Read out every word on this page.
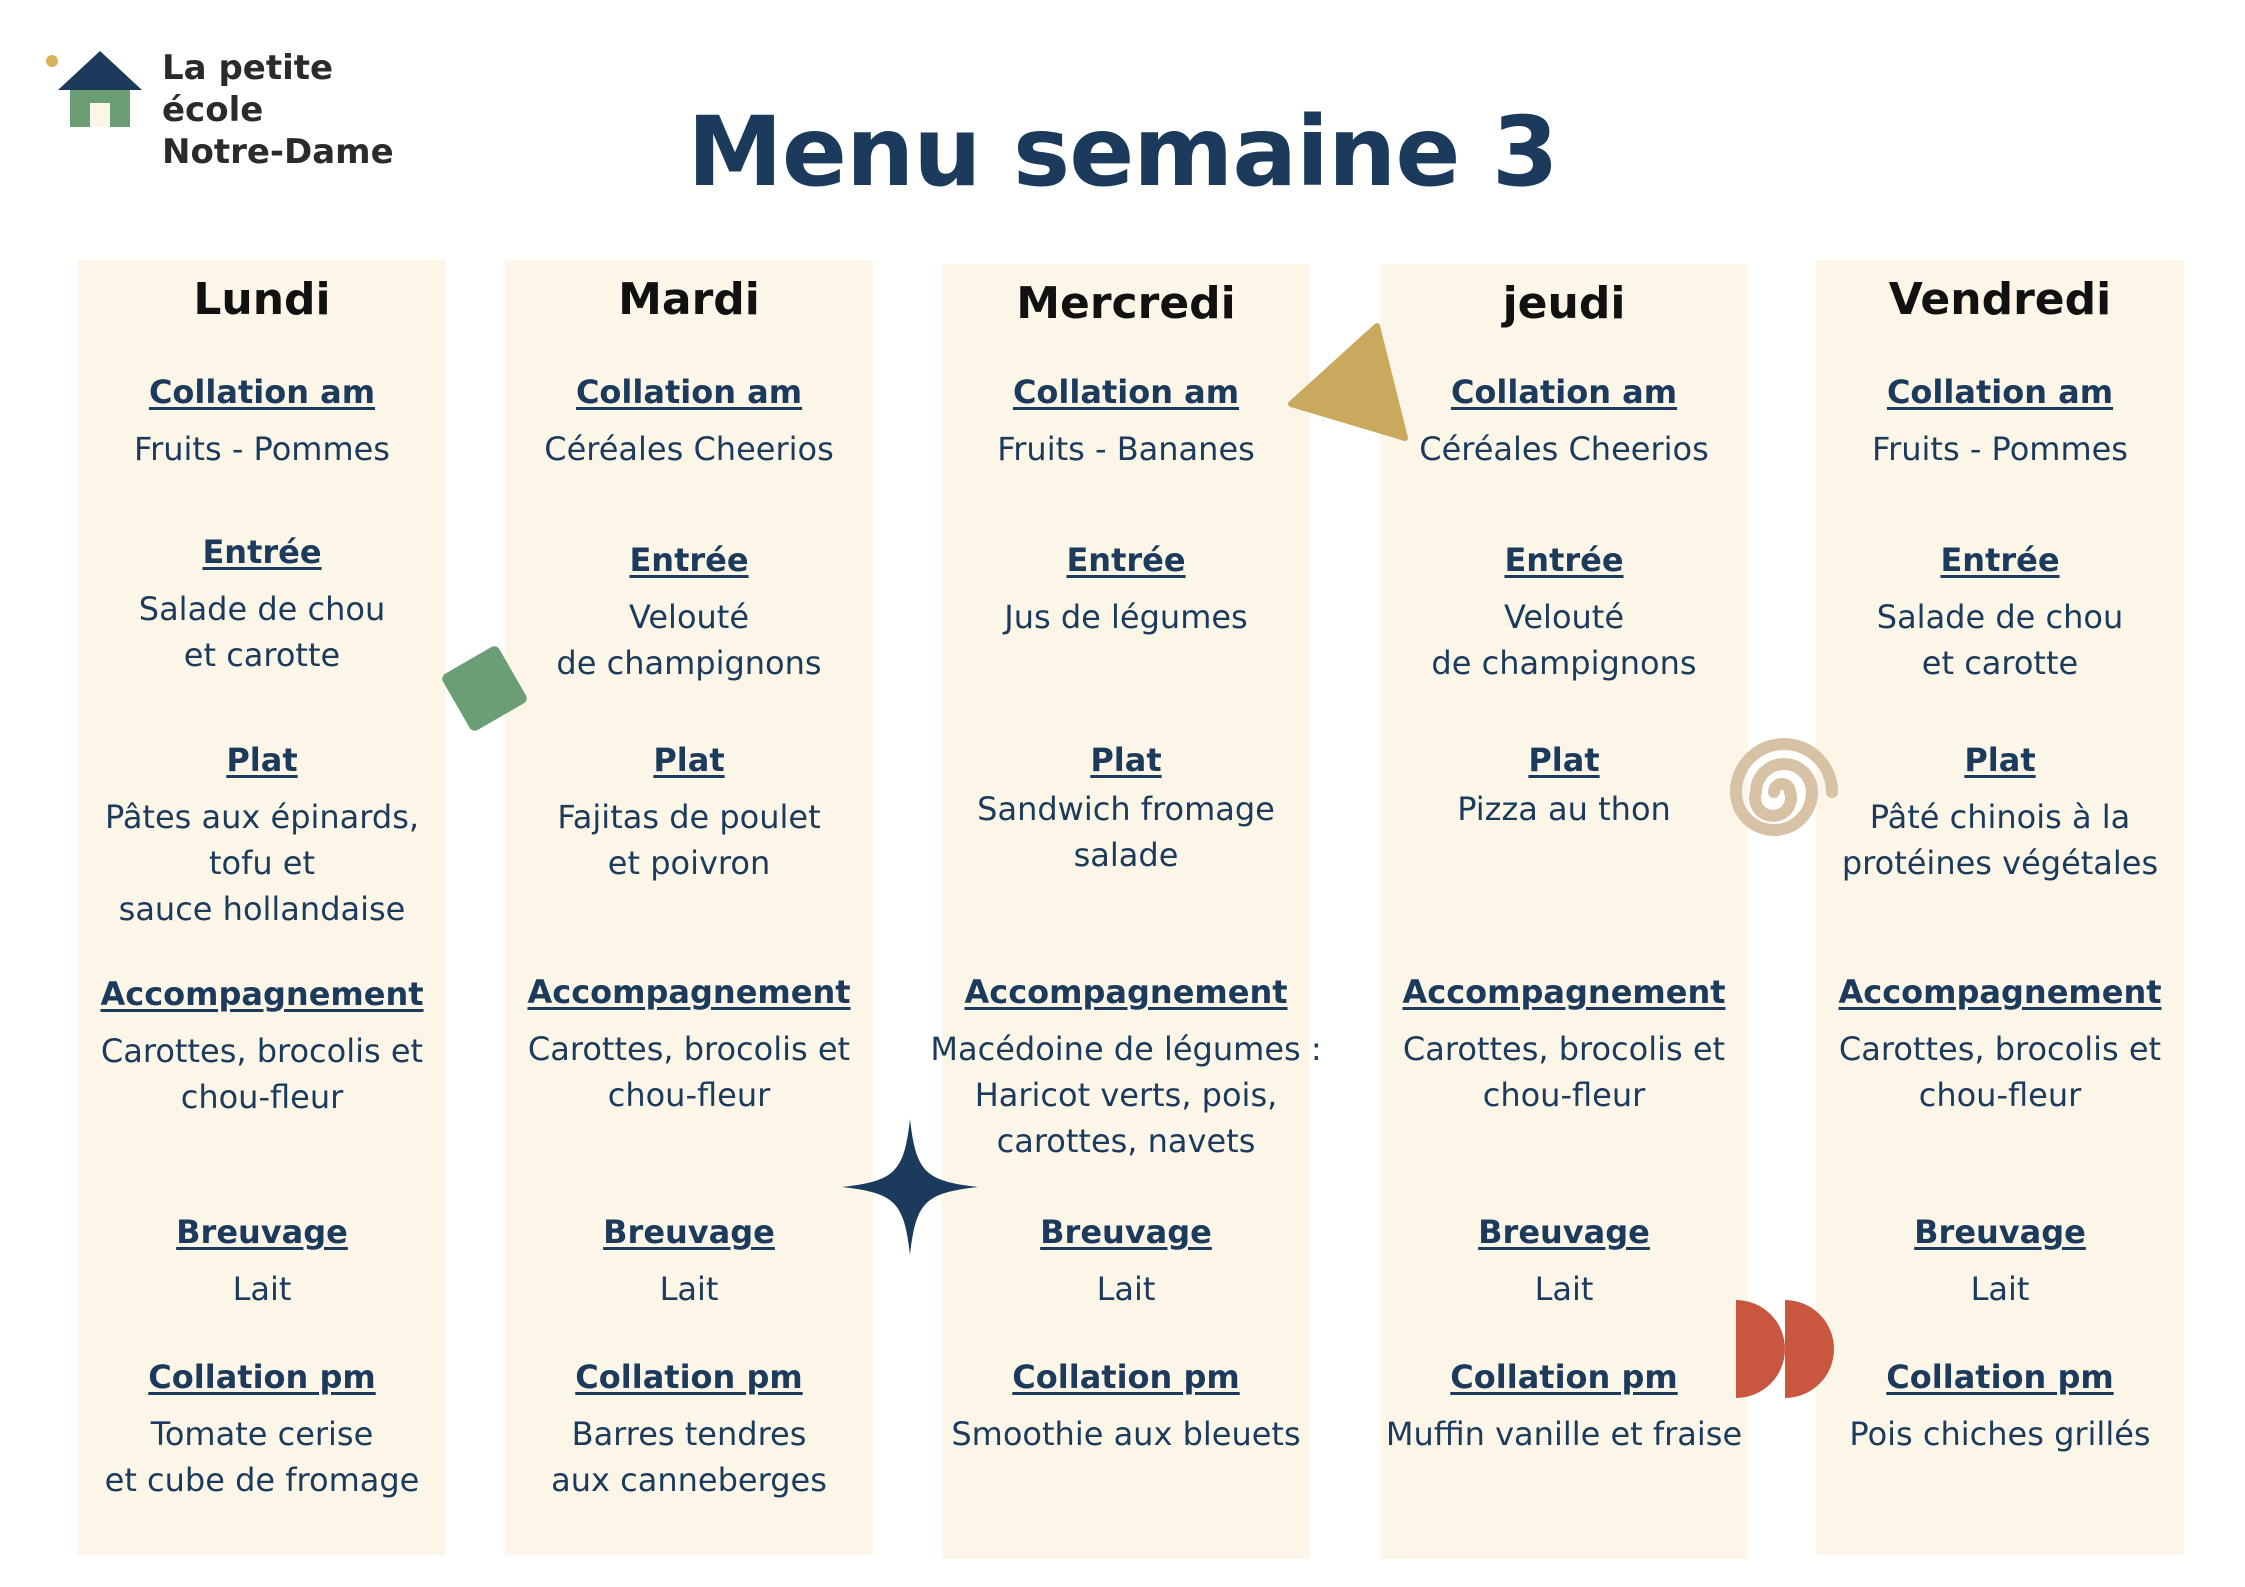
La petite école
Notre-Dame	Menu semaine 3
Lundi
Collation am
Fruits - Pommes
Entrée
Salade de chou
et carotte
Plat
Pâtes aux épinards,
tofu et
sauce hollandaise
Accompagnement
Carottes, brocolis et
chou-fleur
Breuvage
Lait
Collation pm
Tomate cerise
et cube de fromage
Mardi
Collation am
Céréales Cheerios
Entrée
Velouté
de champignons
Plat
Fajitas de poulet
et poivron
Accompagnement
Carottes, brocolis et
chou-fleur
Breuvage
Lait
Collation pm
Barres tendres
aux canneberges
Mercredi
Collation am
Fruits - Bananes
Entrée
Jus de légumes
Plat
Sandwich fromage
salade
Accompagnement
Macédoine de légumes :
Haricot verts, pois,
carottes, navets
Breuvage
Lait
Collation pm
Smoothie aux bleuets
jeudi
Collation am
Céréales Cheerios
Entrée
Velouté
de champignons
Plat
Pizza au thon
Accompagnement
Carottes, brocolis et
chou-fleur
Breuvage
Lait
Collation pm
Muffin vanille et fraise
Vendredi
Collation am
Fruits - Pommes
Entrée
Salade de chou
et carotte
Plat
Pâté chinois à la
protéines végétales
Accompagnement
Carottes, brocolis et
chou-fleur
Breuvage
Lait
Collation pm
Pois chiches grillés
